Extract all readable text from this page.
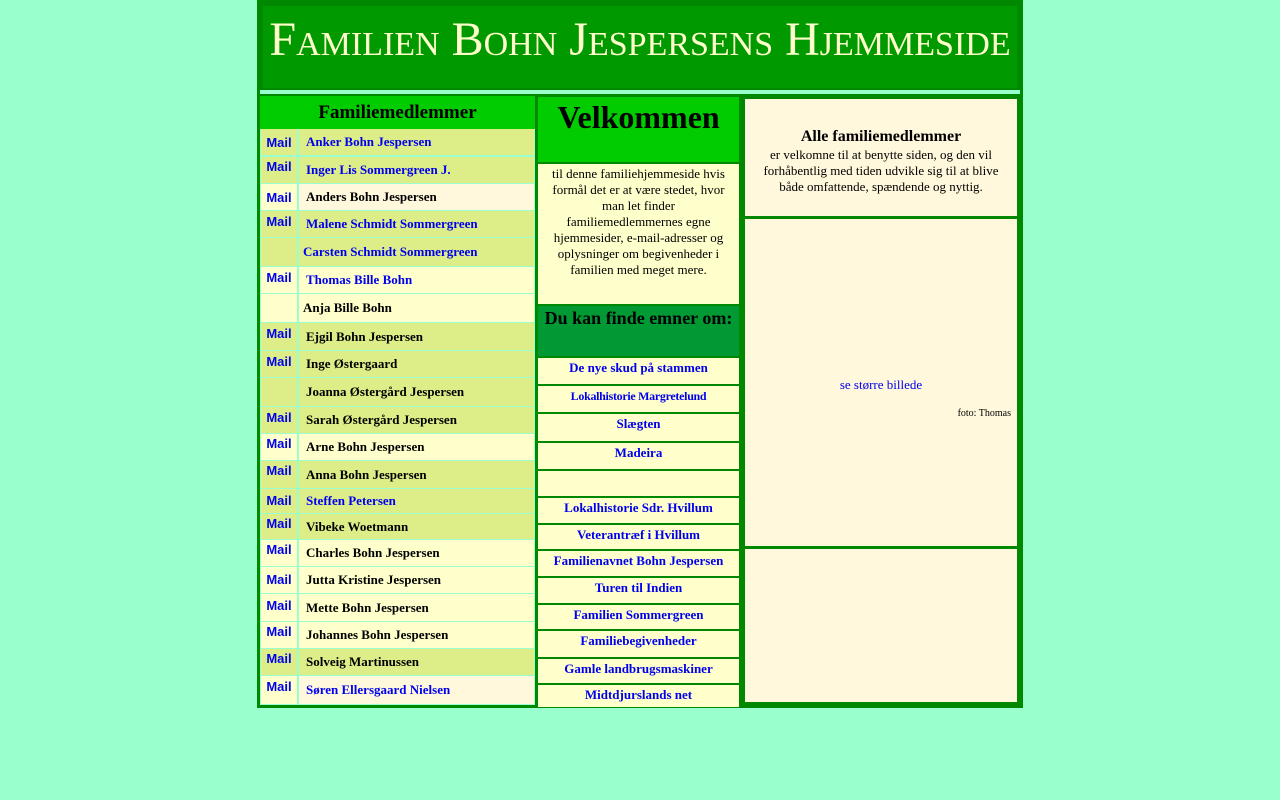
Familien Bohn Jespersens Hjemmeside
Familiemedlemmer
Mail	Anker Bohn Jespersen
Mail	Inger Lis Sommergreen J.
Mail	Anders Bohn Jespersen
Mail	Malene Schmidt Sommergreen
Carsten Schmidt Sommergreen
Mail	Thomas Bille Bohn
Anja Bille Bohn
Mail	Ejgil Bohn Jespersen
Mail	Inge Østergaard
Joanna Østergård Jespersen
Mail	Sarah Østergård Jespersen
Mail	Arne Bohn Jespersen
Mail	Anna Bohn Jespersen
Mail	Steffen Petersen
Mail	Vibeke Woetmann
Mail	Charles Bohn Jespersen
Mail	Jutta Kristine Jespersen
Mail	Mette Bohn Jespersen
Mail	Johannes Bohn Jespersen
Mail	Solveig Martinussen
Mail	Søren Ellersgaard Nielsen
Velkommen
til denne familiehjemmeside hvis formål det er at være stedet, hvor man let finder familiemedlemmernes egne hjemmesider, e-mail-adresser og oplysninger om begivenheder i familien med meget mere.
Du kan finde emner om:
De nye skud på stammen
Lokalhistorie Margretelund
Slægten
Madeira
Lokalhistorie Sdr. Hvillum
Veterantræf i Hvillum
Familienavnet Bohn Jespersen
Turen til Indien
Familien Sommergreen
Familiebegivenheder
Gamle landbrugsmaskiner
Midtdjurslands net
Alle familiemedlemmer
er velkomne til at benytte siden, og den vil forhåbentlig med tiden udvikle sig til at blive både omfattende, spændende og nyttig.
se større billede
foto: Thomas
